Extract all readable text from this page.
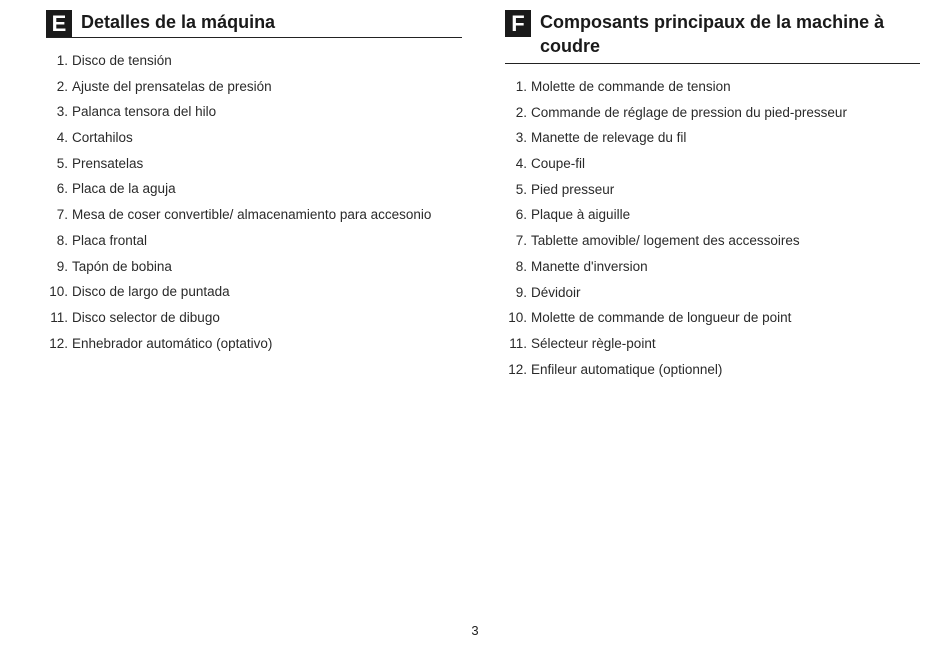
E Detalles de la máquina
1. Disco de tensión
2. Ajuste del prensatelas de presión
3. Palanca tensora del hilo
4. Cortahilos
5. Prensatelas
6. Placa de la aguja
7. Mesa de coser convertible/ almacenamiento para accesonio
8. Placa frontal
9. Tapón de bobina
10. Disco de largo de puntada
11. Disco selector de dibugo
12. Enhebrador automático (optativo)
F Composants principaux de la machine à coudre
1. Molette de commande de tension
2. Commande de réglage de pression du pied-presseur
3. Manette de relevage du fil
4. Coupe-fil
5. Pied presseur
6. Plaque à aiguille
7. Tablette amovible/ logement des accessoires
8. Manette d'inversion
9. Dévidoir
10. Molette de commande de longueur de point
11. Sélecteur règle-point
12. Enfileur automatique (optionnel)
3
